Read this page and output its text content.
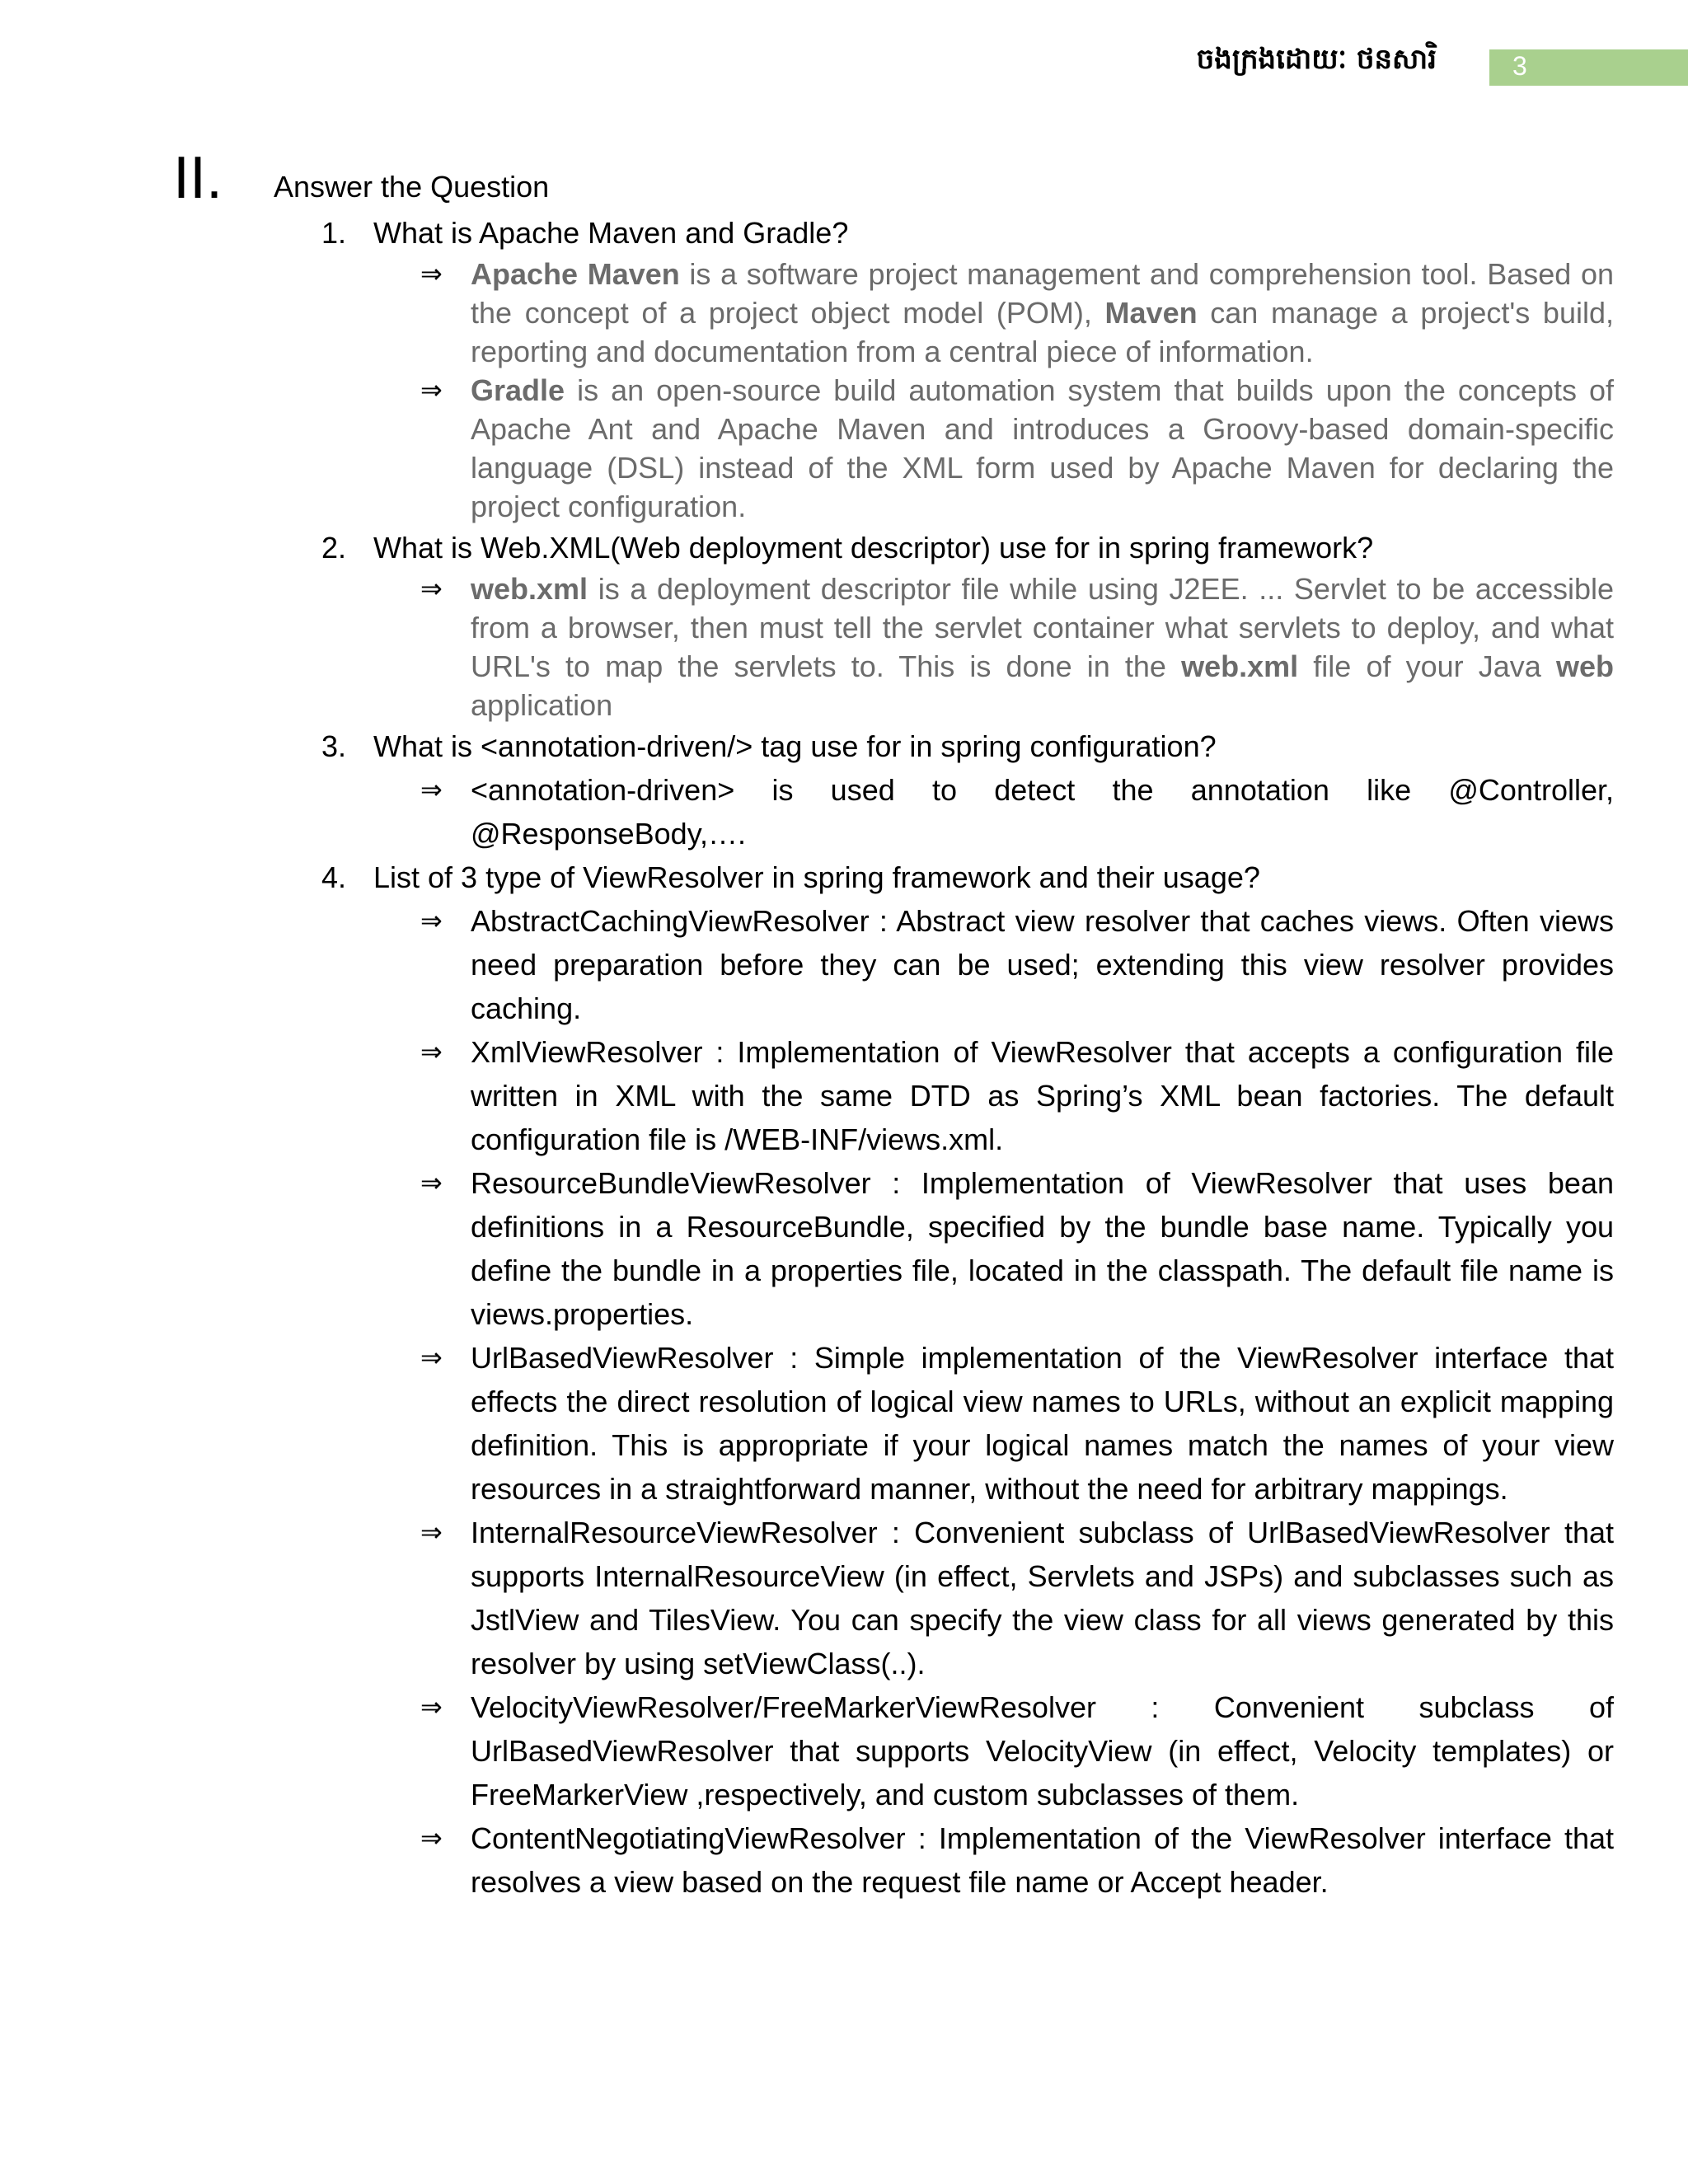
ចងក្រងដោយៈ ថនសារិ	3
II. Answer the Question
1. What is Apache Maven and Gradle?
⇒ Apache Maven is a software project management and comprehension tool. Based on the concept of a project object model (POM), Maven can manage a project's build, reporting and documentation from a central piece of information.
⇒ Gradle is an open-source build automation system that builds upon the concepts of Apache Ant and Apache Maven and introduces a Groovy-based domain-specific language (DSL) instead of the XML form used by Apache Maven for declaring the project configuration.
2. What is Web.XML(Web deployment descriptor) use for in spring framework?
⇒ web.xml is a deployment descriptor file while using J2EE. ... Servlet to be accessible from a browser, then must tell the servlet container what servlets to deploy, and what URL's to map the servlets to. This is done in the web.xml file of your Java web application
3. What is <annotation-driven/> tag use for in spring configuration?
⇒ <annotation-driven> is used to detect the annotation like @Controller, @ResponseBody,….
4. List of 3 type of ViewResolver in spring framework and their usage?
⇒ AbstractCachingViewResolver : Abstract view resolver that caches views. Often views need preparation before they can be used; extending this view resolver provides caching.
⇒ XmlViewResolver : Implementation of ViewResolver that accepts a configuration file written in XML with the same DTD as Spring’s XML bean factories. The default configuration file is /WEB-INF/views.xml.
⇒ ResourceBundleViewResolver : Implementation of ViewResolver that uses bean definitions in a ResourceBundle, specified by the bundle base name. Typically you define the bundle in a properties file, located in the classpath. The default file name is views.properties.
⇒ UrlBasedViewResolver : Simple implementation of the ViewResolver interface that effects the direct resolution of logical view names to URLs, without an explicit mapping definition. This is appropriate if your logical names match the names of your view resources in a straightforward manner, without the need for arbitrary mappings.
⇒ InternalResourceViewResolver : Convenient subclass of UrlBasedViewResolver that supports InternalResourceView (in effect, Servlets and JSPs) and subclasses such as JstlView and TilesView. You can specify the view class for all views generated by this resolver by using setViewClass(..).
⇒ VelocityViewResolver/FreeMarkerViewResolver : Convenient subclass of UrlBasedViewResolver that supports VelocityView (in effect, Velocity templates) or FreeMarkerView ,respectively, and custom subclasses of them.
⇒ ContentNegotiatingViewResolver : Implementation of the ViewResolver interface that resolves a view based on the request file name or Accept header.
